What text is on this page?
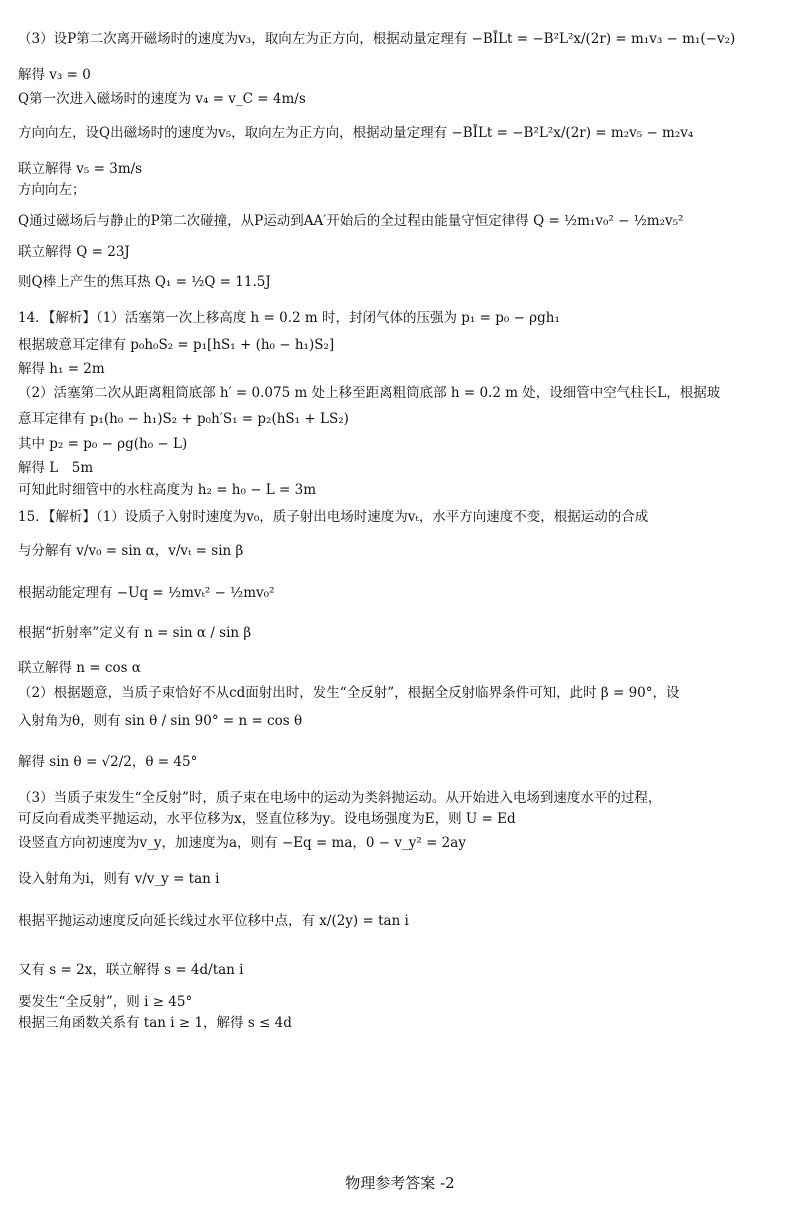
（3）设P第二次离开磁场时的速度为v₃，取向左为正方向，根据动量定理有 −BĪLt = −B²L²x/(2r) = m₁v₃ − m₁(−v₂)
解得 v₃ = 0
Q第一次进入磁场时的速度为 v₄ = v_C = 4m/s
方向向左，设Q出磁场时的速度为v₅，取向左为正方向，根据动量定理有 −BĪLt = −B²L²x/(2r) = m₂v₅ − m₂v₄
联立解得 v₅ = 3m/s
方向向左；
Q通过磁场后与静止的P第二次碰撞，从P运动到AA′开始后的全过程由能量守恒定律得 Q = ½m₁v₀² − ½m₂v₅²
联立解得 Q = 23J
则Q棒上产生的焦耳热 Q₁ = ½Q = 11.5J
14．【解析】（1）活塞第一次上移高度 h = 0.2 m 时，封闭气体的压强为 p₁ = p₀ − ρgh₁
根据玻意耳定律有 p₀h₀S₂ = p₁[hS₁ + (h₀ − h₁)S₂]
解得 h₁ = 2m
（2）活塞第二次从距离粗筒底部 h′ = 0.075 m 处上移至距离粗筒底部 h = 0.2 m 处，设细管中空气柱长L，根据玻
意耳定律有 p₁(h₀ − h₁)S₂ + p₀h′S₁ = p₂(hS₁ + LS₂)
其中 p₂ = p₀ − ρg(h₀ − L)
解得 L　5m
可知此时细管中的水柱高度为 h₂ = h₀ − L = 3m
15．【解析】（1）设质子入射时速度为v₀，质子射出电场时速度为vₜ，水平方向速度不变，根据运动的合成
与分解有 v/v₀ = sin α，v/vₜ = sin β
根据动能定理有 −Uq = ½mvₜ² − ½mv₀²
根据“折射率”定义有 n = sin α / sin β
联立解得 n = cos α
（2）根据题意，当质子束恰好不从cd面射出时，发生“全反射”，根据全反射临界条件可知，此时 β = 90°，设
入射角为θ，则有 sin θ / sin 90° = n = cos θ
解得 sin θ = √2/2，θ = 45°
（3）当质子束发生“全反射”时，质子束在电场中的运动为类斜抛运动。从开始进入电场到速度水平的过程，
可反向看成类平抛运动，水平位移为x，竖直位移为y。设电场强度为E，则 U = Ed
设竖直方向初速度为v_y，加速度为a，则有 −Eq = ma，0 − v_y² = 2ay
设入射角为i，则有 v/v_y = tan i
根据平抛运动速度反向延长线过水平位移中点，有 x/(2y) = tan i
又有 s = 2x，联立解得 s = 4d/tan i
要发生“全反射”，则 i ≥ 45°
根据三角函数关系有 tan i ≥ 1，解得 s ≤ 4d
物理参考答案 -2
